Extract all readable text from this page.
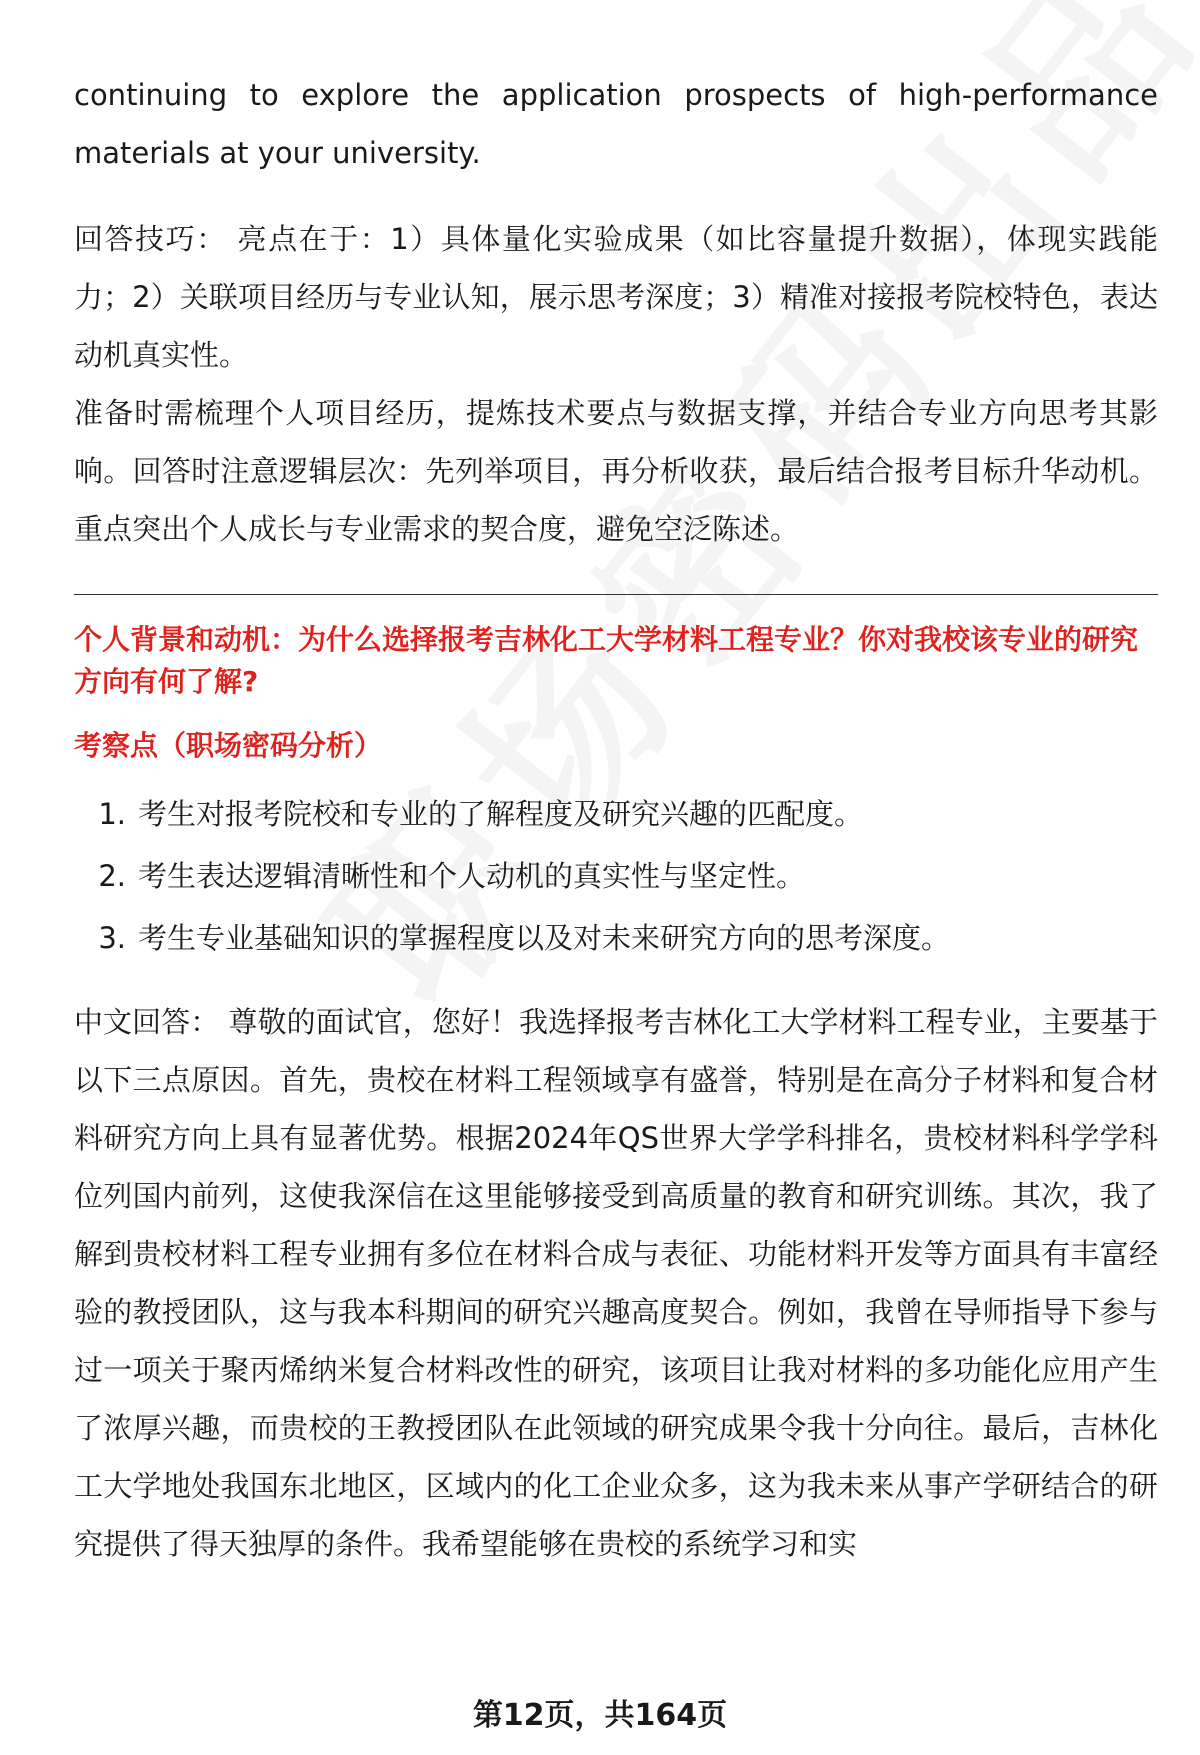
continuing to explore the application prospects of high-performance materials at your university.

回答技巧： 亮点在于：1）具体量化实验成果（如比容量提升数据），体现实践能力；2）关联项目经历与专业认知，展示思考深度；3）精准对接报考院校特色，表达动机真实性。

准备时需梳理个人项目经历，提炼技术要点与数据支撑，并结合专业方向思考其影响。回答时注意逻辑层次：先列举项目，再分析收获，最后结合报考目标升华动机。重点突出个人成长与专业需求的契合度，避免空泛陈述。

个人背景和动机：为什么选择报考吉林化工大学材料工程专业？你对我校该专业的研究方向有何了解?

考察点（职场密码分析）

1. 考生对报考院校和专业的了解程度及研究兴趣的匹配度。
2. 考生表达逻辑清晰性和个人动机的真实性与坚定性。
3. 考生专业基础知识的掌握程度以及对未来研究方向的思考深度。

中文回答： 尊敬的面试官，您好！我选择报考吉林化工大学材料工程专业，主要基于以下三点原因。首先，贵校在材料工程领域享有盛誉，特别是在高分子材料和复合材料研究方向上具有显著优势。根据2024年QS世界大学学科排名，贵校材料科学学科位列国内前列，这使我深信在这里能够接受到高质量的教育和研究训练。其次，我了解到贵校材料工程专业拥有多位在材料合成与表征、功能材料开发等方面具有丰富经验的教授团队，这与我本科期间的研究兴趣高度契合。例如，我曾在导师指导下参与过一项关于聚丙烯纳米复合材料改性的研究，该项目让我对材料的多功能化应用产生了浓厚兴趣，而贵校的王教授团队在此领域的研究成果令我十分向往。最后，吉林化工大学地处我国东北地区，区域内的化工企业众多，这为我未来从事产学研结合的研究提供了得天独厚的条件。我希望能够在贵校的系统学习和实

第12页，共164页
